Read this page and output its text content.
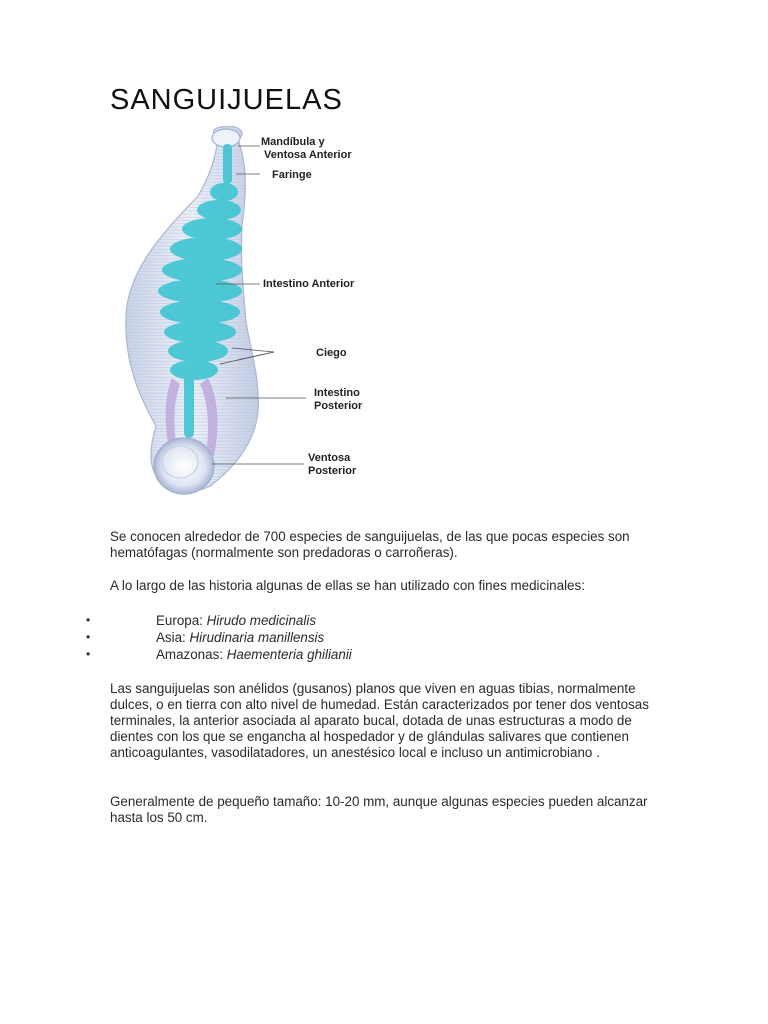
SANGUIJUELAS
Mandíbula y
Ventosa Anterior
Faringe
Intestino Anterior
Ciego
Intestino
Posterior
Ventosa
Posterior

Se conocen alrededor de 700 especies de sanguijuelas, de las que pocas especies son hematófagas (normalmente son predadoras o carroñeras).

A lo largo de las historia algunas de ellas se han utilizado con fines medicinales:

•	Europa: Hirudo medicinalis
•	Asia: Hirudinaria manillensis
•	Amazonas: Haementeria ghilianii

Las sanguijuelas son anélidos (gusanos) planos que viven en aguas tibias, normalmente dulces, o en tierra con alto nivel de humedad. Están caracterizados por tener dos ventosas terminales, la anterior asociada al aparato bucal, dotada de unas estructuras a modo de dientes con los que se engancha al hospedador y de glándulas salivares que contienen anticoagulantes, vasodilatadores, un anestésico local e incluso un antimicrobiano .

Generalmente de pequeño tamaño: 10-20 mm, aunque algunas especies pueden alcanzar hasta los 50 cm.
